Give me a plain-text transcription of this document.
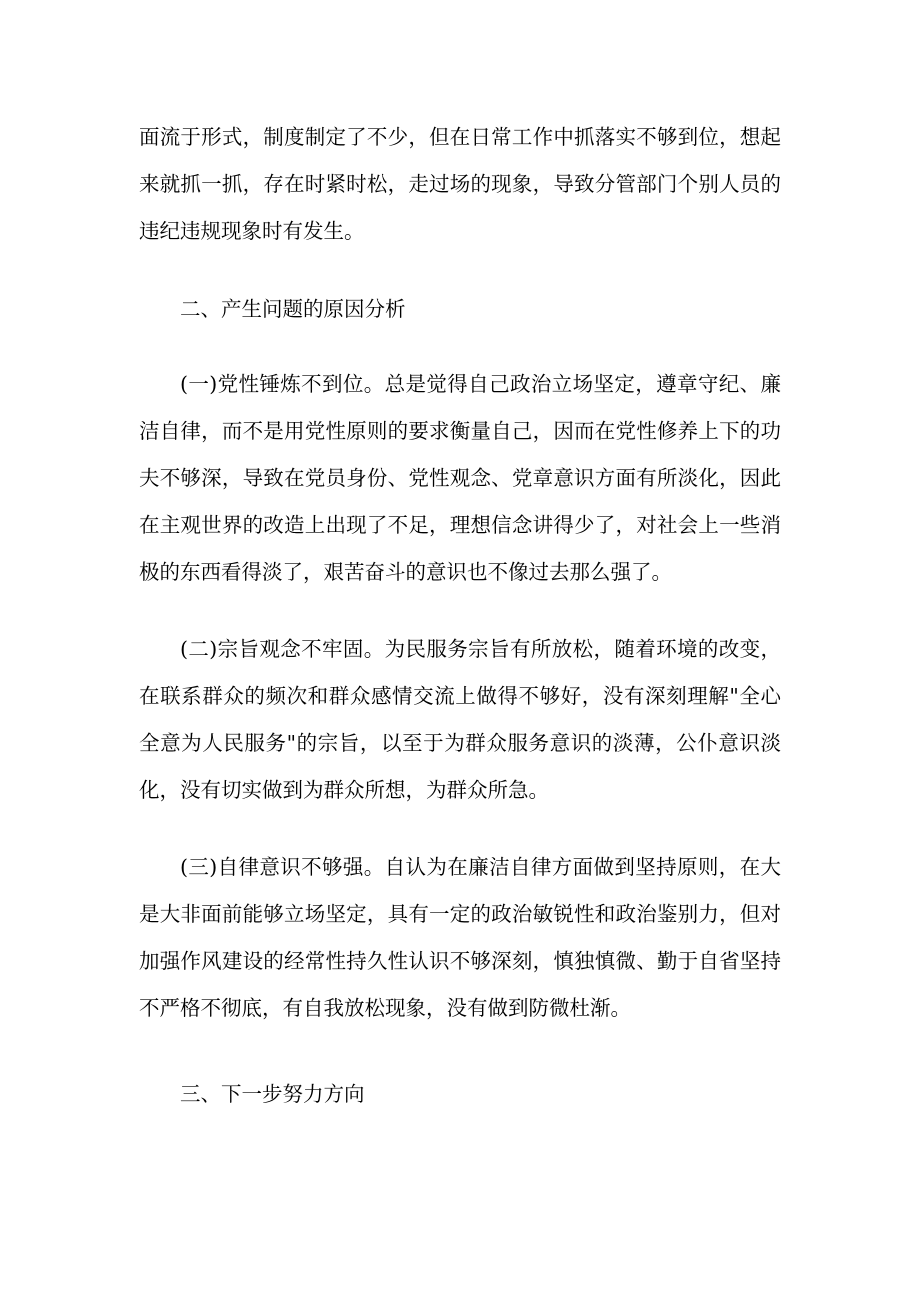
面流于形式，制度制定了不少，但在日常工作中抓落实不够到位，想起来就抓一抓，存在时紧时松，走过场的现象，导致分管部门个别人员的违纪违规现象时有发生。

二、产生问题的原因分析

(一)党性锤炼不到位。总是觉得自己政治立场坚定，遵章守纪、廉洁自律，而不是用党性原则的要求衡量自己，因而在党性修养上下的功夫不够深，导致在党员身份、党性观念、党章意识方面有所淡化，因此在主观世界的改造上出现了不足，理想信念讲得少了，对社会上一些消极的东西看得淡了，艰苦奋斗的意识也不像过去那么强了。

(二)宗旨观念不牢固。为民服务宗旨有所放松，随着环境的改变，在联系群众的频次和群众感情交流上做得不够好，没有深刻理解"全心全意为人民服务"的宗旨，以至于为群众服务意识的淡薄，公仆意识淡化，没有切实做到为群众所想，为群众所急。

(三)自律意识不够强。自认为在廉洁自律方面做到坚持原则，在大是大非面前能够立场坚定，具有一定的政治敏锐性和政治鉴别力，但对加强作风建设的经常性持久性认识不够深刻，慎独慎微、勤于自省坚持不严格不彻底，有自我放松现象，没有做到防微杜渐。

三、下一步努力方向
